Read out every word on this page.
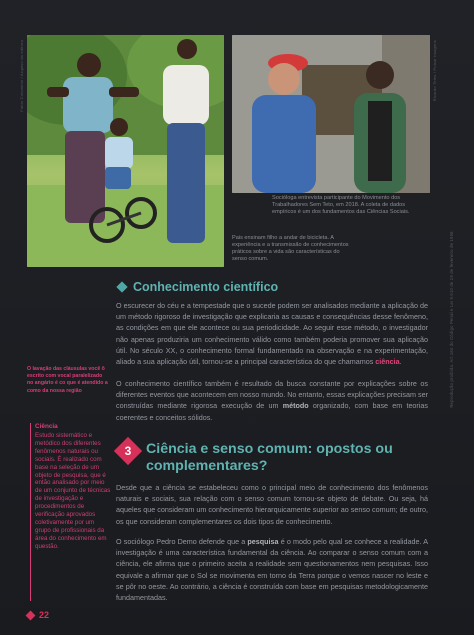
Fabio Colombini / Arquivo da editora	Ricardo Teles / Pulsar Imagens
Reprodução proibida. Art.184 do Código Penal e Lei 9.610 de 19 de fevereiro de 1998.
Socióloga entrevista participante do Movimento dos Trabalhadores Sem Teto, em 2018. A coleta de dados empíricos é um dos fundamentos das Ciências Sociais.
Pais ensinam filho a andar de bicicleta. A experiência e a transmissão de conhecimentos práticos sobre a vida são características do senso comum.
Conhecimento científico
O escurecer do céu e a tempestade que o sucede podem ser analisados mediante a aplicação de um método rigoroso de investigação que explicaria as causas e consequências desse fenômeno, as condições em que ele acontece ou sua periodicidade. Ao seguir esse método, o investigador não apenas produziria um conhecimento válido como também poderia promover sua aplicação útil. No século XX, o conhecimento formal fundamentado na observação e na experimentação, aliado a sua aplicação útil, tornou-se a principal característica do que chamamos ciência.
O conhecimento científico também é resultado da busca constante por explicações sobre os diferentes eventos que acontecem em nosso mundo. No entanto, essas explicações precisam ser construídas mediante rigorosa execução de um método organizado, com base em teorias coerentes e conceitos sólidos.
O lavação das cláusulas você ô escrito com vocal paralelizado no angário é co que é atendido a como da nossa região
Ciência
Estudo sistemático e metódico dos diferentes fenômenos naturais ou sociais. É realizado com base na seleção de um objeto de pesquisa, que é então analisado por meio de um conjunto de técnicas de investigação e procedimentos de verificação aprovados coletivamente por um grupo de profissionais da área do conhecimento em questão.
3	Ciência e senso comum: opostos ou complementares?
Desde que a ciência se estabeleceu como o principal meio de conhecimento dos fenômenos naturais e sociais, sua relação com o senso comum tornou-se objeto de debate. Ou seja, há aqueles que consideram um conhecimento hierarquicamente superior ao senso comum; de outro, os que consideram complementares os dois tipos de conhecimento.
O sociólogo Pedro Demo defende que a pesquisa é o modo pelo qual se conhece a realidade. A investigação é uma característica fundamental da ciência. Ao comparar o senso comum com a ciência, ele afirma que o primeiro aceita a realidade sem questionamentos nem pesquisas. Isso equivale a afirmar que o Sol se movimenta em torno da Terra porque o vemos nascer no leste e se pôr no oeste. Ao contrário, a ciência é construída com base em pesquisas metodologicamente fundamentadas.
22
